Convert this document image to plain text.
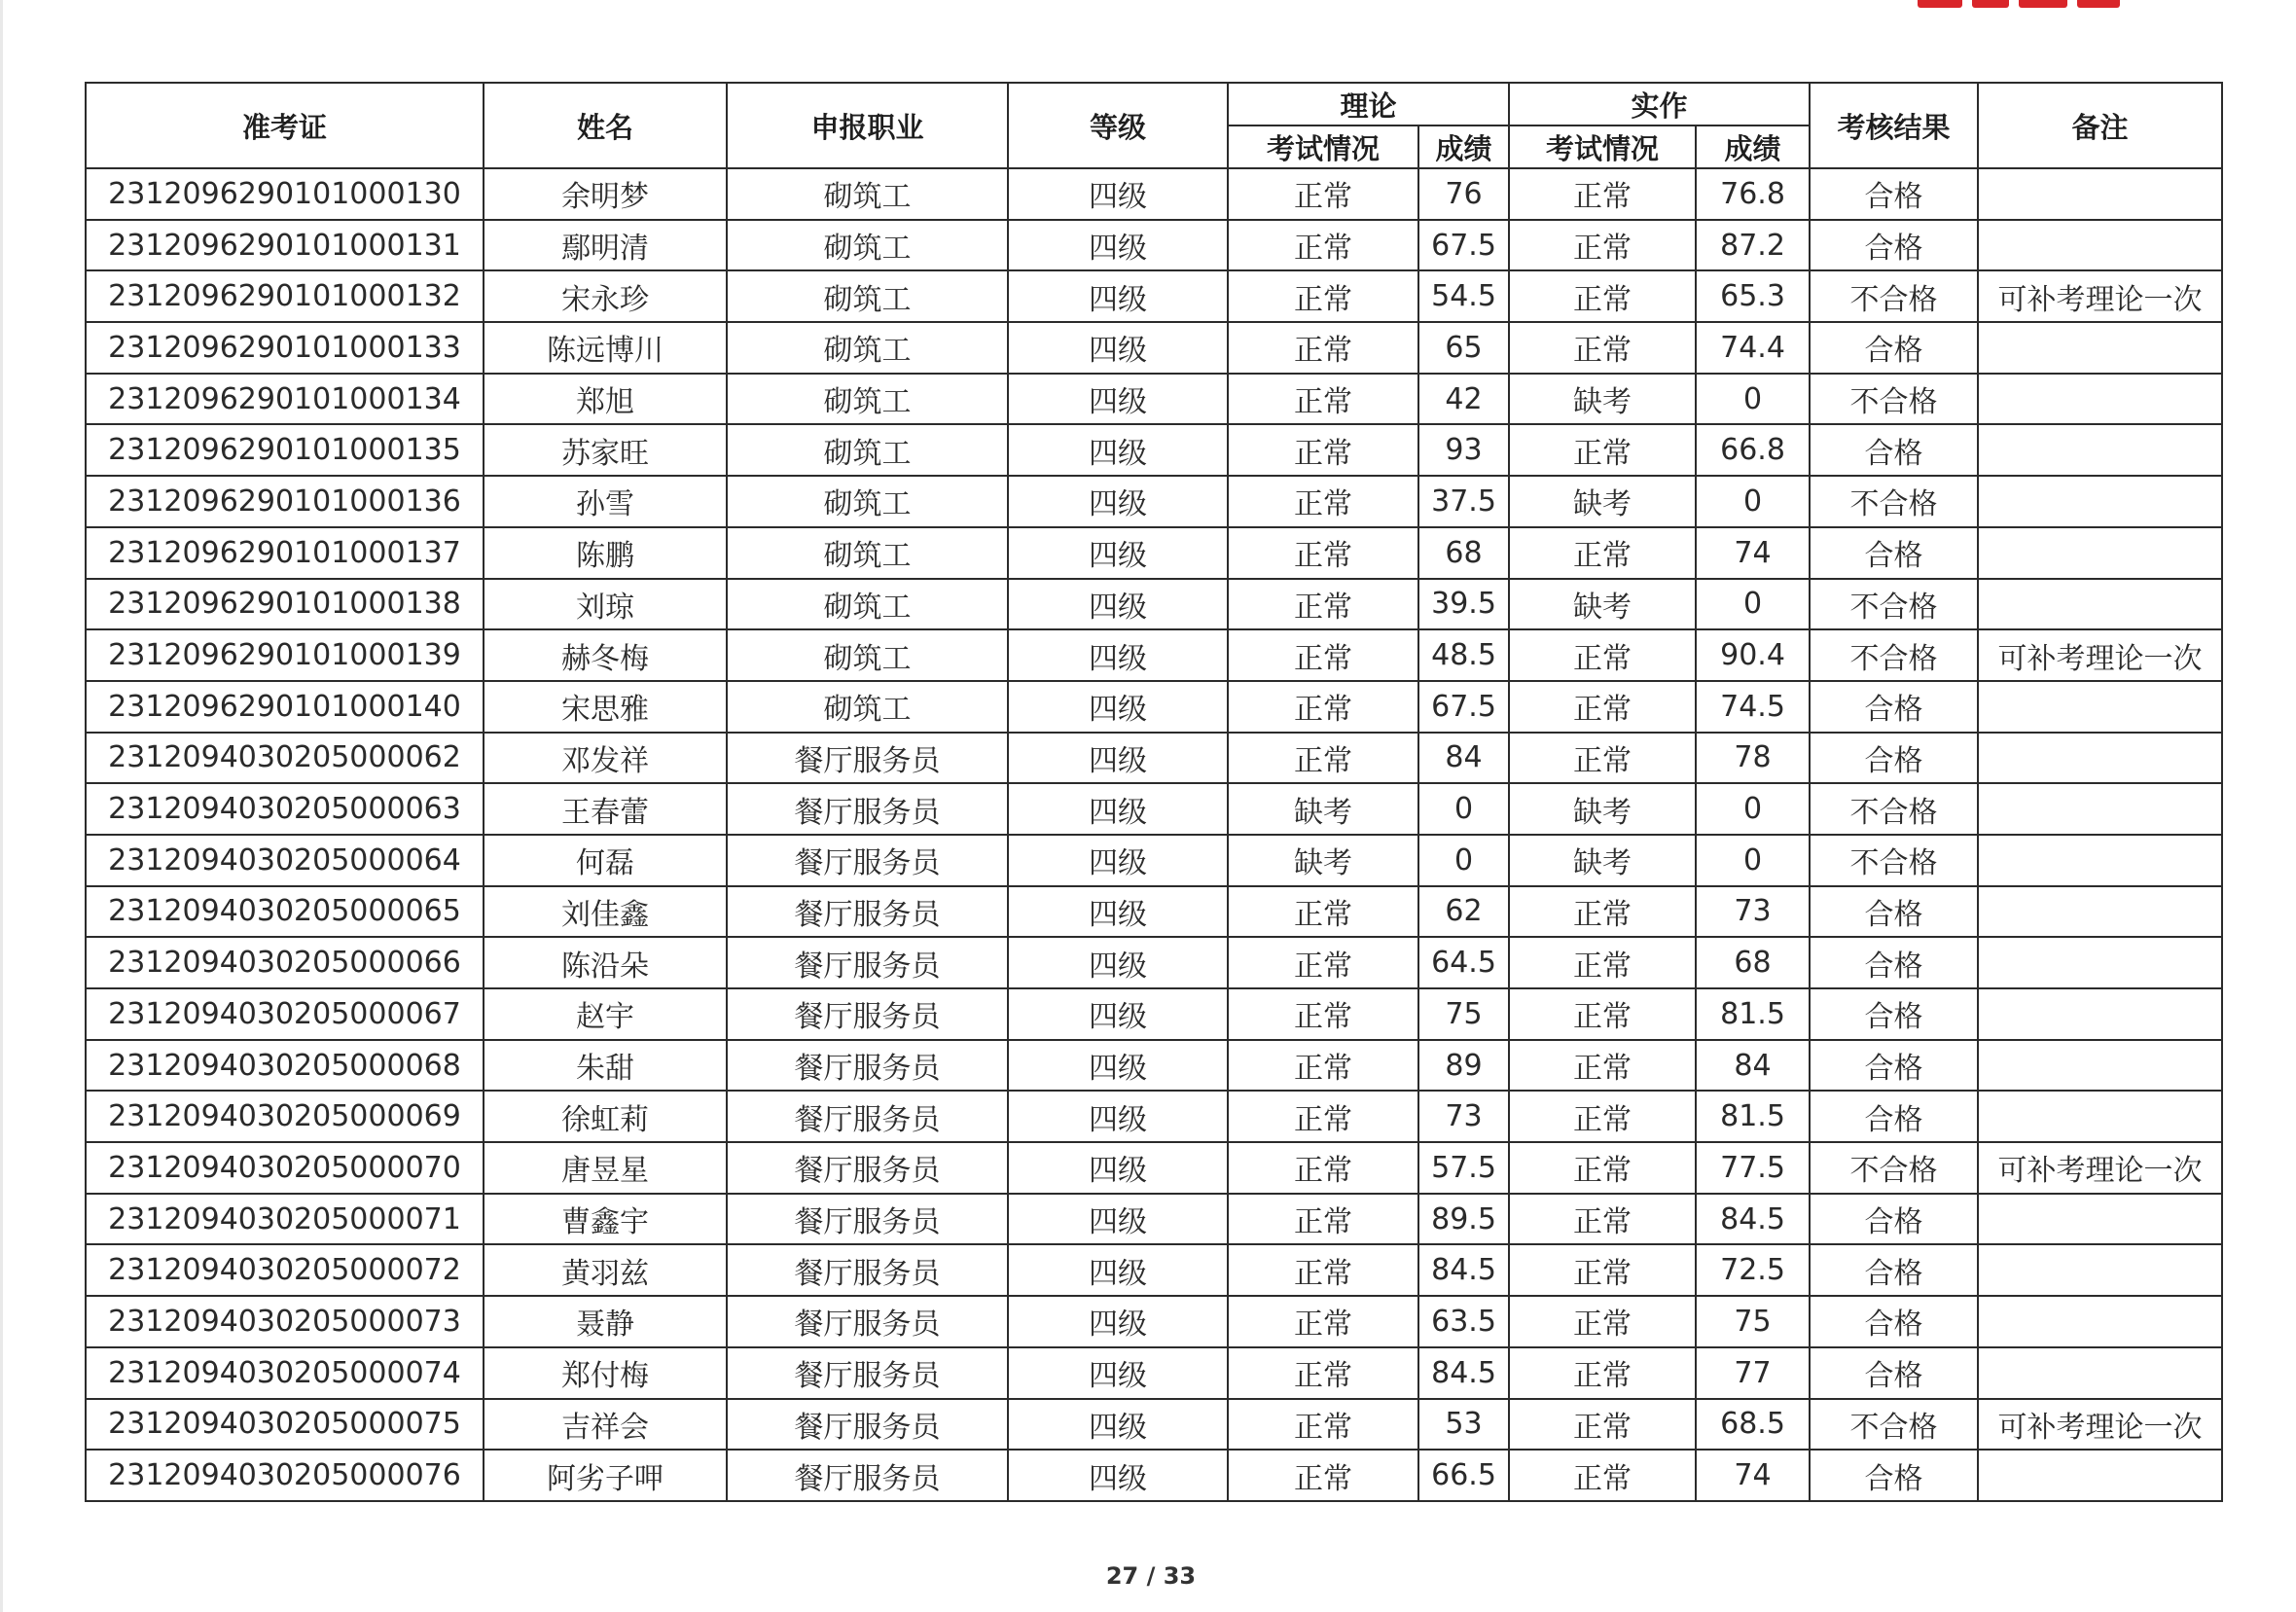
准考证	姓名	申报职业	等级	理论		实作		考核结果	备注
				考试情况	成绩	考试情况	成绩		
2312096290101000130	余明梦	砌筑工	四级	正常	76	正常	76.8	合格	
2312096290101000131	鄢明清	砌筑工	四级	正常	67.5	正常	87.2	合格	
2312096290101000132	宋永珍	砌筑工	四级	正常	54.5	正常	65.3	不合格	可补考理论一次
2312096290101000133	陈远博川	砌筑工	四级	正常	65	正常	74.4	合格	
2312096290101000134	郑旭	砌筑工	四级	正常	42	缺考	0	不合格	
2312096290101000135	苏家旺	砌筑工	四级	正常	93	正常	66.8	合格	
2312096290101000136	孙雪	砌筑工	四级	正常	37.5	缺考	0	不合格	
2312096290101000137	陈鹏	砌筑工	四级	正常	68	正常	74	合格	
2312096290101000138	刘琼	砌筑工	四级	正常	39.5	缺考	0	不合格	
2312096290101000139	赫冬梅	砌筑工	四级	正常	48.5	正常	90.4	不合格	可补考理论一次
2312096290101000140	宋思雅	砌筑工	四级	正常	67.5	正常	74.5	合格	
2312094030205000062	邓发祥	餐厅服务员	四级	正常	84	正常	78	合格	
2312094030205000063	王春蕾	餐厅服务员	四级	缺考	0	缺考	0	不合格	
2312094030205000064	何磊	餐厅服务员	四级	缺考	0	缺考	0	不合格	
2312094030205000065	刘佳鑫	餐厅服务员	四级	正常	62	正常	73	合格	
2312094030205000066	陈沿朵	餐厅服务员	四级	正常	64.5	正常	68	合格	
2312094030205000067	赵宇	餐厅服务员	四级	正常	75	正常	81.5	合格	
2312094030205000068	朱甜	餐厅服务员	四级	正常	89	正常	84	合格	
2312094030205000069	徐虹莉	餐厅服务员	四级	正常	73	正常	81.5	合格	
2312094030205000070	唐昱星	餐厅服务员	四级	正常	57.5	正常	77.5	不合格	可补考理论一次
2312094030205000071	曹鑫宇	餐厅服务员	四级	正常	89.5	正常	84.5	合格	
2312094030205000072	黄羽兹	餐厅服务员	四级	正常	84.5	正常	72.5	合格	
2312094030205000073	聂静	餐厅服务员	四级	正常	63.5	正常	75	合格	
2312094030205000074	郑付梅	餐厅服务员	四级	正常	84.5	正常	77	合格	
2312094030205000075	吉祥会	餐厅服务员	四级	正常	53	正常	68.5	不合格	可补考理论一次
2312094030205000076	阿劣子呷	餐厅服务员	四级	正常	66.5	正常	74	合格	
27 / 33
